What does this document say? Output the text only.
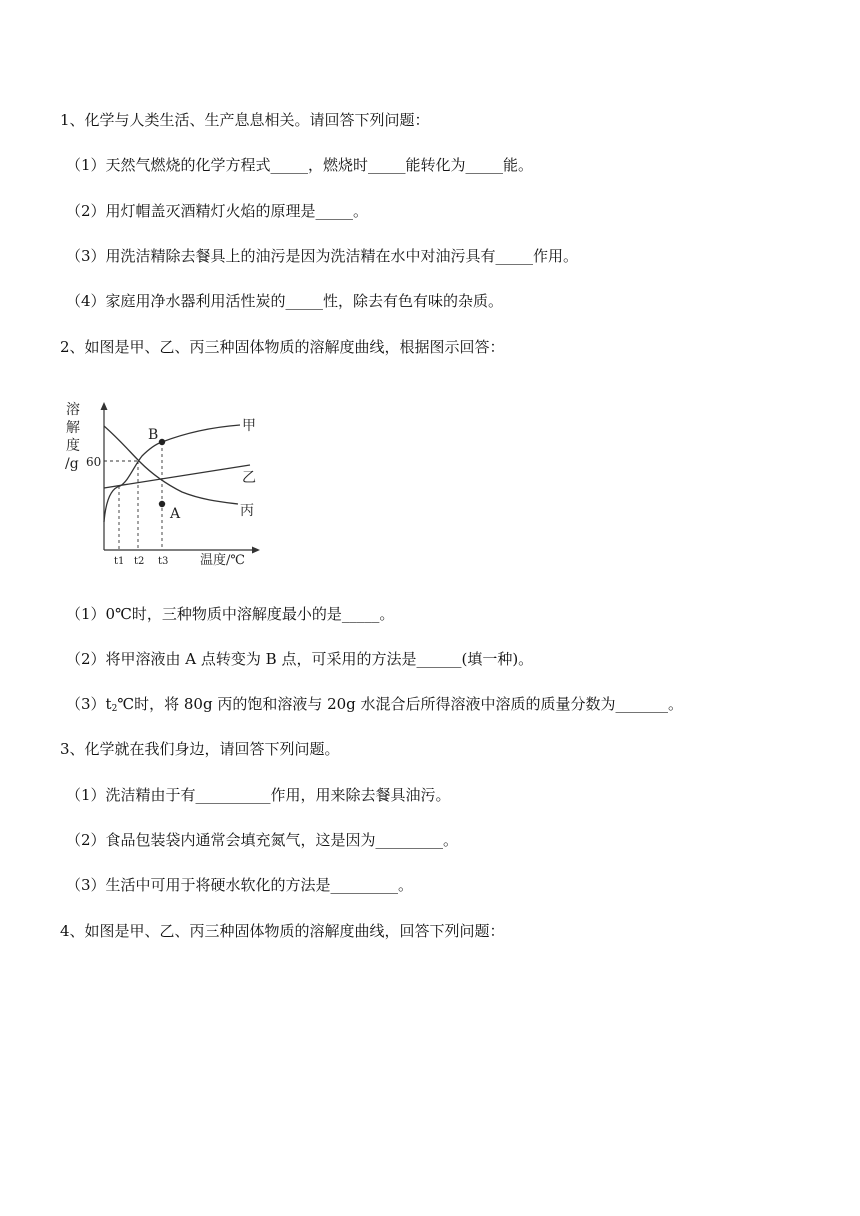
1、化学与人类生活、生产息息相关。请回答下列问题：
（1）天然气燃烧的化学方程式_____，燃烧时_____能转化为_____能。
（2）用灯帽盖灭酒精灯火焰的原理是_____。
（3）用洗洁精除去餐具上的油污是因为洗洁精在水中对油污具有_____作用。
（4）家庭用净水器利用活性炭的_____性，除去有色有味的杂质。
2、如图是甲、乙、丙三种固体物质的溶解度曲线，根据图示回答：
溶
解
度
/g 60
B
A
甲
乙
丙
t1 t2 t3 温度/℃
（1）0℃时，三种物质中溶解度最小的是_____。
（2）将甲溶液由 A 点转变为 B 点，可采用的方法是______(填一种)。
$(3)t_2℃$时，将 80g 丙的饱和溶液与 20g 水混合后所得溶液中溶质的质量分数为_______。
3、化学就在我们身边，请回答下列问题。
（1）洗洁精由于有__________作用，用来除去餐具油污。
（2）食品包装袋内通常会填充氮气，这是因为_________。
（3）生活中可用于将硬水软化的方法是_________。
4、如图是甲、乙、丙三种固体物质的溶解度曲线，回答下列问题：
